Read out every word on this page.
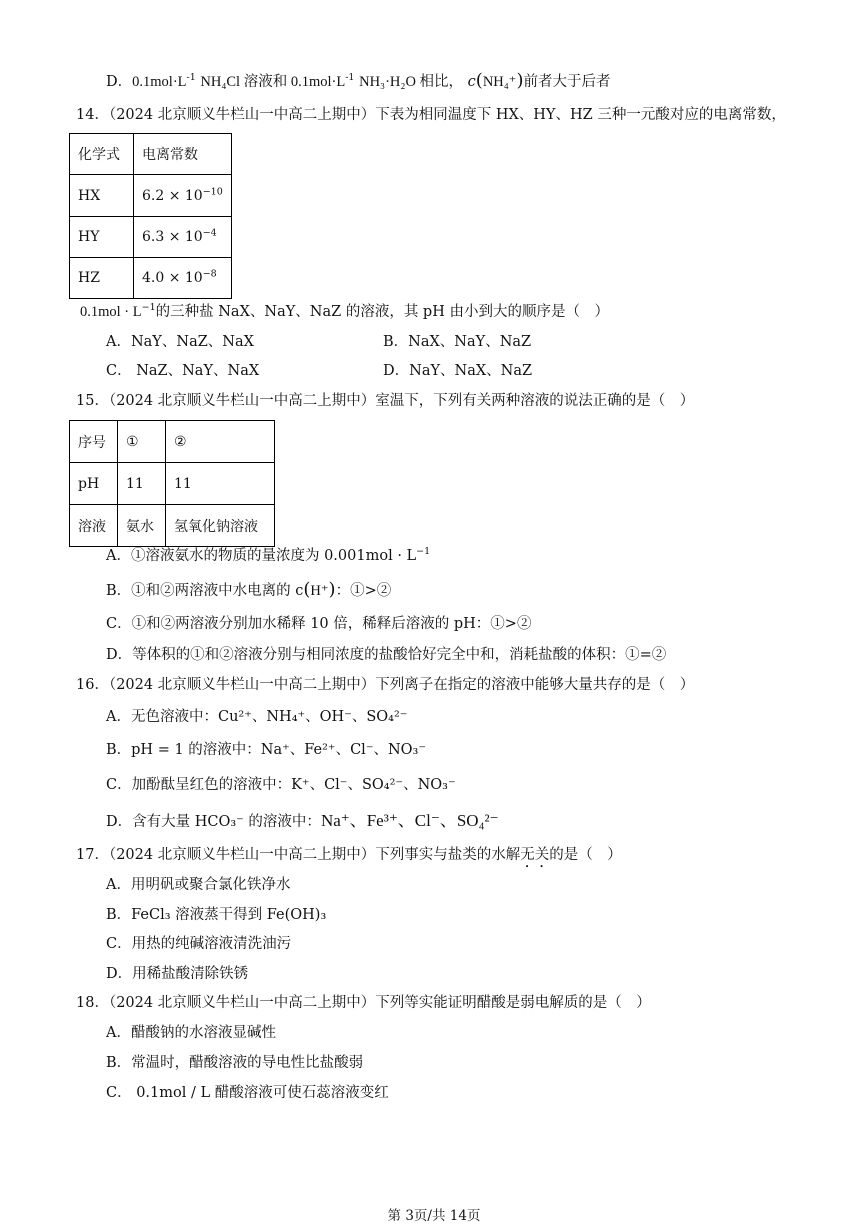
D．$0.1mol\cdot L^{-1}$ NH₄Cl 溶液和 $0.1mol\cdot L^{-1}$ NH₃·H₂O 相比， c(NH₄⁺)前者大于后者
14．（2024 北京顺义牛栏山一中高二上期中）下表为相同温度下 HX、HY、HZ 三种一元酸对应的电离常数，
化学式	电离常数
HX	$6.2 \times 10^{-10}$
HY	$6.3 \times 10^{-4}$
HZ	$4.0 \times 10^{-8}$
$0.1mol \cdot L^{-1}$的三种盐 NaX、NaY、NaZ 的溶液，其 pH 由小到大的顺序是（　）
A．NaY、NaZ、NaX	B．NaX、NaY、NaZ
C． NaZ、NaY、NaX	D．NaY、NaX、NaZ
15．（2024 北京顺义牛栏山一中高二上期中）室温下，下列有关两种溶液的说法正确的是（　）
序号	①	②
pH	11	11
溶液	氨水	氢氧化钠溶液
A．①溶液氨水的物质的量浓度为 $0.001mol \cdot L^{-1}$
B．①和②两溶液中水电离的 c(H⁺)：①>②
C．①和②两溶液分别加水稀释 10 倍，稀释后溶液的 pH：①>②
D．等体积的①和②溶液分别与相同浓度的盐酸恰好完全中和，消耗盐酸的体积：①=②
16．（2024 北京顺义牛栏山一中高二上期中）下列离子在指定的溶液中能够大量共存的是（　）
A．无色溶液中：Cu²⁺、NH₄⁺、OH⁻、SO₄²⁻
B．pH = 1 的溶液中：Na⁺、Fe²⁺、Cl⁻、NO₃⁻
C．加酚酞呈红色的溶液中：K⁺、Cl⁻、SO₄²⁻、NO₃⁻
D．含有大量 HCO₃⁻ 的溶液中：Na⁺、Fe³⁺、Cl⁻、SO₄²⁻
17．（2024 北京顺义牛栏山一中高二上期中）下列事实与盐类的水解无关的是（　）
A．用明矾或聚合氯化铁净水
B．FeCl₃ 溶液蒸干得到 Fe(OH)₃
C．用热的纯碱溶液清洗油污
D．用稀盐酸清除铁锈
18．（2024 北京顺义牛栏山一中高二上期中）下列等实能证明醋酸是弱电解质的是（　）
A．醋酸钠的水溶液显碱性
B．常温时，醋酸溶液的导电性比盐酸弱
C． 0.1mol / L 醋酸溶液可使石蕊溶液变红
第 3页/共 14页
